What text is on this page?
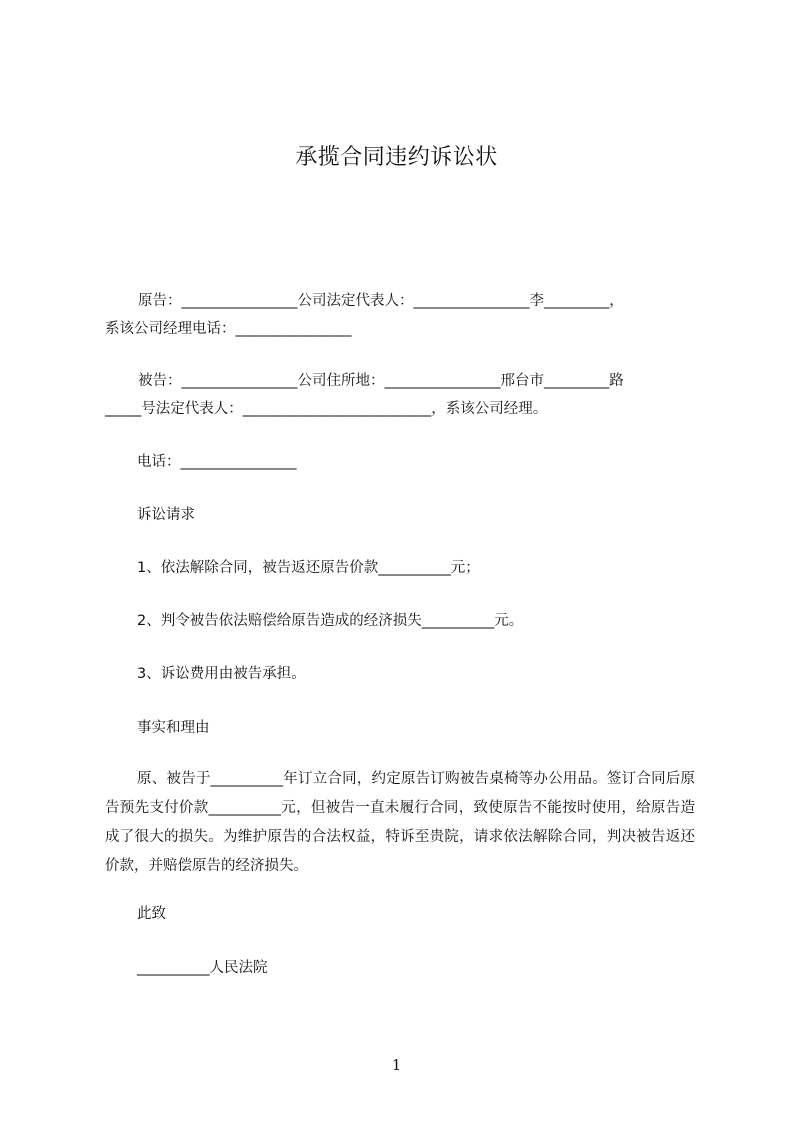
承揽合同违约诉讼状
原告：________________公司法定代表人：________________李_________，
系该公司经理电话：________________
被告：________________公司住所地：________________邢台市_________路
_____号法定代表人：__________________________，系该公司经理。
电话：________________
诉讼请求
1、依法解除合同，被告返还原告价款__________元；
2、判令被告依法赔偿给原告造成的经济损失__________元。
3、诉讼费用由被告承担。
事实和理由
原、被告于__________年订立合同，约定原告订购被告桌椅等办公用品。签订合同后原告预先支付价款__________元，但被告一直未履行合同，致使原告不能按时使用，给原告造成了很大的损失。为维护原告的合法权益，特诉至贵院，请求依法解除合同，判决被告返还价款，并赔偿原告的经济损失。
此致
__________人民法院
1
